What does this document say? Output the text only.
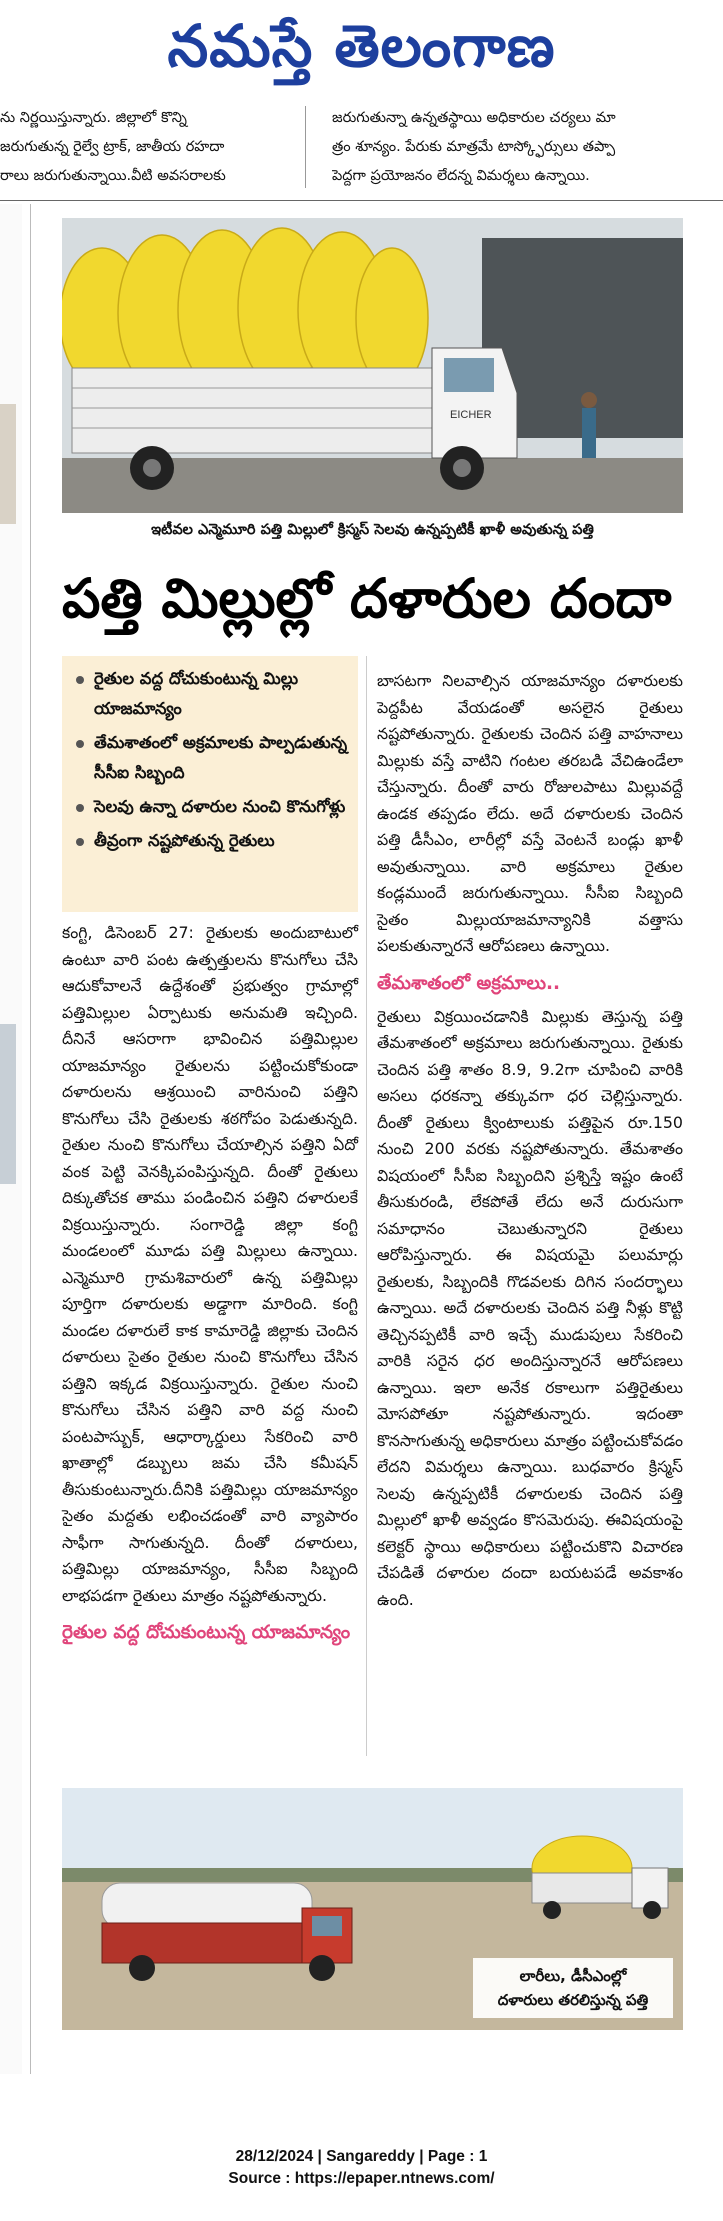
నమస్తే తెలంగాణ
ను నిర్ణయిస్తున్నారు. జిల్లాలో కొన్ని
జరుగుతున్న రైల్వే ట్రాక్, జాతీయ రహదా
రాలు జరుగుతున్నాయి.వీటి అవసరాలకు
జరుగుతున్నా ఉన్నతస్థాయి అధికారుల చర్యలు మా
త్రం శూన్యం. పేరుకు మాత్రమే టాస్క్ఫోర్సులు తప్పా
పెద్దగా ప్రయోజనం లేదన్న విమర్శలు ఉన్నాయి.
EICHER
ఇటీవల ఎన్మెమూరి పత్తి మిల్లులో క్రిస్మస్ సెలవు ఉన్నప్పటికీ ఖాళీ అవుతున్న పత్తి
పత్తి మిల్లుల్లో దళారుల దందా
రైతుల వద్ద దోచుకుంటున్న మిల్లు యాజమాన్యం
తేమశాతంలో అక్రమాలకు పాల్పడుతున్న సీసీఐ సిబ్బంది
సెలవు ఉన్నా దళారుల నుంచి కొనుగోళ్లు
తీవ్రంగా నష్టపోతున్న రైతులు

కంగ్టి, డిసెంబర్ 27: రైతులకు అందుబాటులో ఉంటూ వారి పంట ఉత్పత్తులను కొనుగోలు చేసి ఆదుకోవాలనే ఉద్దేశంతో ప్రభుత్వం గ్రామాల్లో పత్తిమిల్లుల ఏర్పాటుకు అనుమతి ఇచ్చింది. దీనినే ఆసరాగా భావించిన పత్తిమిల్లుల యాజమాన్యం రైతులను పట్టించుకోకుండా దళారులను ఆశ్రయించి వారినుంచి పత్తిని కొనుగోలు చేసి రైతులకు శఠగోపం పెడుతున్నది. రైతుల నుంచి కొనుగోలు చేయాల్సిన పత్తిని ఏదో వంక పెట్టి వెనక్కిపంపిస్తున్నది. దీంతో రైతులు దిక్కుతోచక తాము పండించిన పత్తిని దళారులకే విక్రయిస్తున్నారు. సంగారెడ్డి జిల్లా కంగ్టి మండలంలో మూడు పత్తి మిల్లులు ఉన్నాయి. ఎన్మెమూరి గ్రామశివారులో ఉన్న పత్తిమిల్లు పూర్తిగా దళారులకు అడ్డాగా మారింది. కంగ్టి మండల దళారులే కాక కామారెడ్డి జిల్లాకు చెందిన దళారులు సైతం రైతుల నుంచి కొనుగోలు చేసిన పత్తిని ఇక్కడ విక్రయిస్తున్నారు. రైతుల నుంచి కొనుగోలు చేసిన పత్తిని వారి వద్ద నుంచి పంటపాస్బుక్, ఆధార్కార్డులు సేకరించి వారి ఖాతాల్లో డబ్బులు జమ చేసి కమీషన్ తీసుకుంటున్నారు.దీనికి పత్తిమిల్లు యాజమాన్యం సైతం మద్దతు లభించడంతో వారి వ్యాపారం సాఫీగా సాగుతున్నది. దీంతో దళారులు, పత్తిమిల్లు యాజమాన్యం, సీసీఐ సిబ్బంది లాభపడగా రైతులు మాత్రం నష్టపోతున్నారు.

రైతుల వద్ద దోచుకుంటున్న యాజమాన్యం

బాసటగా నిలవాల్సిన యాజమాన్యం దళారులకు పెద్దపీట వేయడంతో అసలైన రైతులు నష్టపోతున్నారు. రైతులకు చెందిన పత్తి వాహనాలు మిల్లుకు వస్తే వాటిని గంటల తరబడి వేచిఉండేలా చేస్తున్నారు. దీంతో వారు రోజులపాటు మిల్లువద్దే ఉండక తప్పడం లేదు. అదే దళారులకు చెందిన పత్తి డీసీఎం, లారీల్లో వస్తే వెంటనే బండ్లు ఖాళీ అవుతున్నాయి. వారి అక్రమాలు రైతుల కండ్లముందే జరుగుతున్నాయి. సీసీఐ సిబ్బంది సైతం మిల్లుయాజమాన్యానికి వత్తాసు పలకుతున్నారనే ఆరోపణలు ఉన్నాయి.

తేమశాతంలో అక్రమాలు..

రైతులు విక్రయించడానికి మిల్లుకు తెస్తున్న పత్తి తేమశాతంలో అక్రమాలు జరుగుతున్నాయి. రైతుకు చెందిన పత్తి శాతం 8.9, 9.2గా చూపించి వారికి అసలు ధరకన్నా తక్కువగా ధర చెల్లిస్తున్నారు. దీంతో రైతులు క్వింటాలుకు పత్తిపైన రూ.150 నుంచి 200 వరకు నష్టపోతున్నారు. తేమశాతం విషయంలో సీసీఐ సిబ్బందిని ప్రశ్నిస్తే ఇష్టం ఉంటే తీసుకురండి, లేకపోతే లేదు అనే దురుసుగా సమాధానం చెబుతున్నారని రైతులు ఆరోపిస్తున్నారు. ఈ విషయమై పలుమార్లు రైతులకు, సిబ్బందికి గొడవలకు దిగిన సందర్భాలు ఉన్నాయి. అదే దళారులకు చెందిన పత్తి నీళ్లు కొట్టి తెచ్చినప్పటికీ వారి ఇచ్చే ముడుపులు సేకరించి వారికి సరైన ధర అందిస్తున్నారనే ఆరోపణలు ఉన్నాయి. ఇలా అనేక రకాలుగా పత్తిరైతులు మోసపోతూ నష్టపోతున్నారు. ఇదంతా కొనసాగుతున్న అధికారులు మాత్రం పట్టించుకోవడం లేదని విమర్శలు ఉన్నాయి. బుధవారం క్రిస్మస్ సెలవు ఉన్నప్పటికీ దళారులకు చెందిన పత్తి మిల్లులో ఖాళీ అవ్వడం కొసమెరుపు. ఈవిషయంపై కలెక్టర్ స్థాయి అధికారులు పట్టించుకొని విచారణ చేపడితే దళారుల దందా బయటపడే అవకాశం ఉంది.

లారీలు, డీసీఎంల్లో
దళారులు తరలిస్తున్న పత్తి
28/12/2024 | Sangareddy | Page : 1
Source : https://epaper.ntnews.com/
